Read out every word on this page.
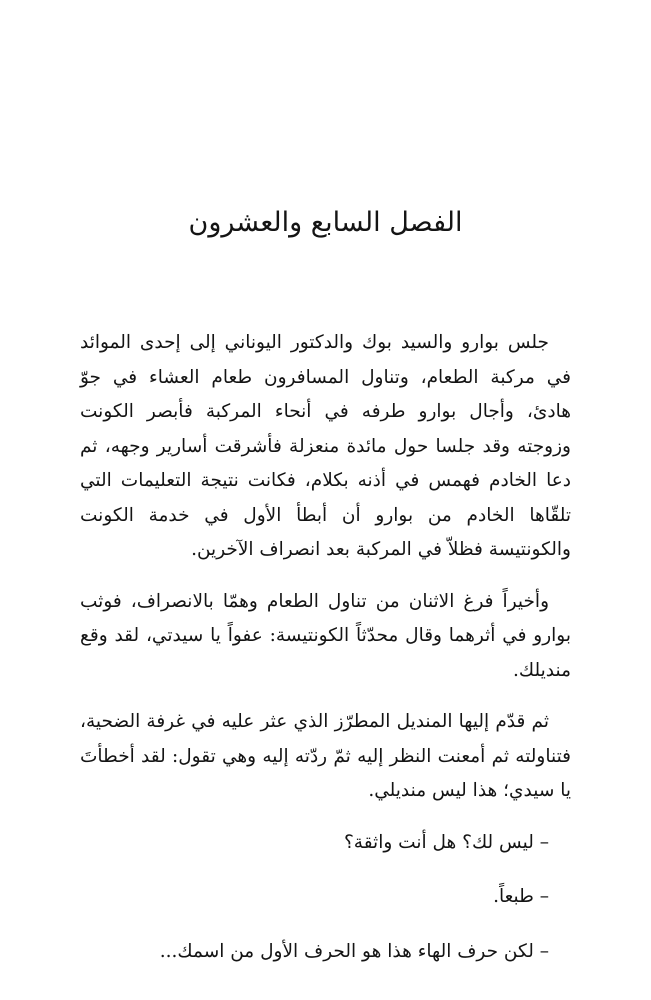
الفصل السابع والعشرون

جلس بوارو والسيد بوك والدكتور اليوناني إلى إحدى الموائد في مركبة الطعام، وتناول المسافرون طعام العشاء في جوّ هادئ، وأجال بوارو طرفه في أنحاء المركبة فأبصر الكونت وزوجته وقد جلسا حول مائدة منعزلة فأشرقت أسارير وجهه، ثم دعا الخادم فهمس في أذنه بكلام، فكانت نتيجة التعليمات التي تلقّاها الخادم من بوارو أن أبطأ الأول في خدمة الكونت والكونتيسة فظلاّ في المركبة بعد انصراف الآخرين.

وأخيراً فرغ الاثنان من تناول الطعام وهمّا بالانصراف، فوثب بوارو في أثرهما وقال محدّثاً الكونتيسة: عفواً يا سيدتي، لقد وقع منديلك.

ثم قدّم إليها المنديل المطرّز الذي عثر عليه في غرفة الضحية، فتناولته ثم أمعنت النظر إليه ثمّ ردّته إليه وهي تقول: لقد أخطأتَ يا سيدي؛ هذا ليس منديلي.

– ليس لك؟ هل أنت واثقة؟

– طبعاً.

– لكن حرف الهاء هذا هو الحرف الأول من اسمك...
